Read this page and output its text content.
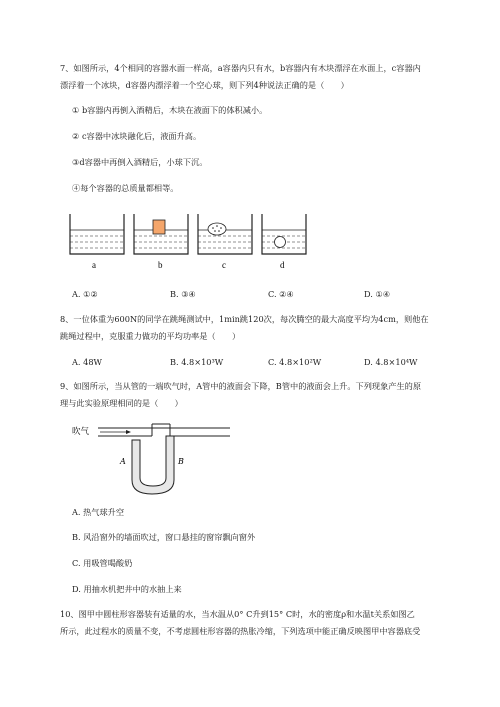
7、如图所示，4个相同的容器水面一样高，a容器内只有水，b容器内有木块漂浮在水面上，c容器内
漂浮着一个冰块，d容器内漂浮着一个空心球，则下列4种说法正确的是（　　）
① b容器内再倒入酒精后，木块在液面下的体积减小。
② c容器中冰块融化后，液面升高。
③d容器中再倒入酒精后，小球下沉。
④每个容器的总质量都相等。
a	b	c	d
A. ①②	B. ③④	C. ②④	D. ①④
8、一位体重为600N的同学在跳绳测试中，1min跳120次，每次腾空的最大高度平均为4cm，则他在
跳绳过程中，克服重力做功的平均功率是（　　）
A. 48W	B. 4.8×10³W	C. 4.8×10²W	D. 4.8×10⁴W
9、如图所示，当从管的一端吹气时，A管中的液面会下降，B管中的液面会上升。下列现象产生的原
理与此实验原理相同的是（　　）
吹气
A	B
A. 热气球升空
B. 风沿窗外的墙面吹过，窗口悬挂的窗帘飘向窗外
C. 用吸管喝酸奶
D. 用抽水机把井中的水抽上来
10、图甲中圆柱形容器装有适量的水，当水温从0° C升到15° C时，水的密度ρ和水温t关系如图乙
所示，此过程水的质量不变，不考虑圆柱形容器的热胀冷缩，下列选项中能正确反映图甲中容器底受
